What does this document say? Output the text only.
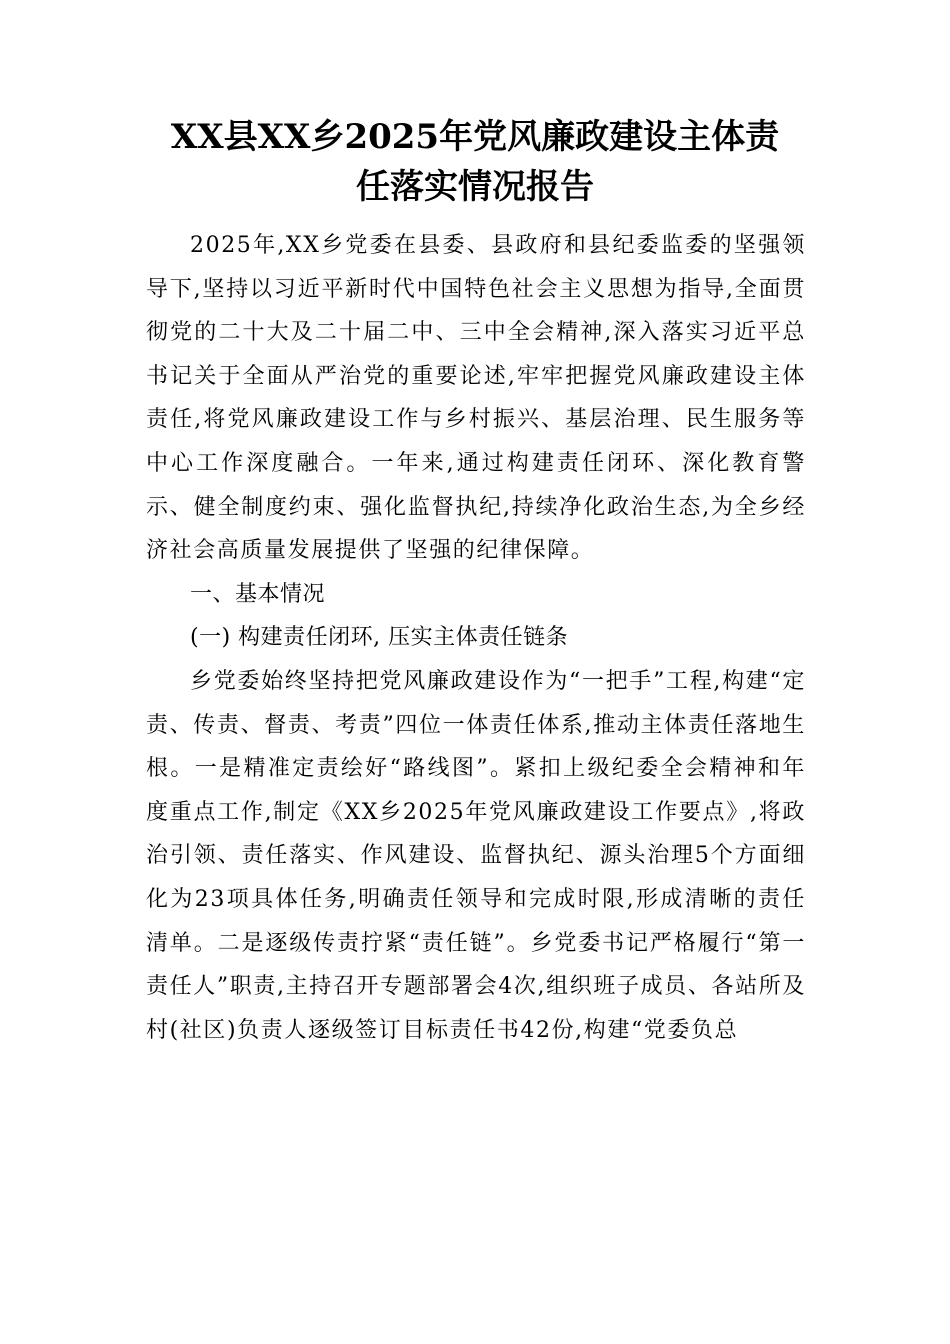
XX县XX乡2025年党风廉政建设主体责
任落实情况报告

2025年,XX乡党委在县委、县政府和县纪委监委的坚强领导下,坚持以习近平新时代中国特色社会主义思想为指导,全面贯彻党的二十大及二十届二中、三中全会精神,深入落实习近平总书记关于全面从严治党的重要论述,牢牢把握党风廉政建设主体责任,将党风廉政建设工作与乡村振兴、基层治理、民生服务等中心工作深度融合。一年来,通过构建责任闭环、深化教育警示、健全制度约束、强化监督执纪,持续净化政治生态,为全乡经济社会高质量发展提供了坚强的纪律保障。

一、基本情况

(一) 构建责任闭环, 压实主体责任链条

乡党委始终坚持把党风廉政建设作为“一把手”工程,构建“定责、传责、督责、考责”四位一体责任体系,推动主体责任落地生根。一是精准定责绘好“路线图”。紧扣上级纪委全会精神和年度重点工作,制定《XX乡2025年党风廉政建设工作要点》,将政治引领、责任落实、作风建设、监督执纪、源头治理5个方面细化为23项具体任务,明确责任领导和完成时限,形成清晰的责任清单。二是逐级传责拧紧“责任链”。乡党委书记严格履行“第一责任人”职责,主持召开专题部署会4次,组织班子成员、各站所及村(社区)负责人逐级签订目标责任书42份,构建“党委负总
